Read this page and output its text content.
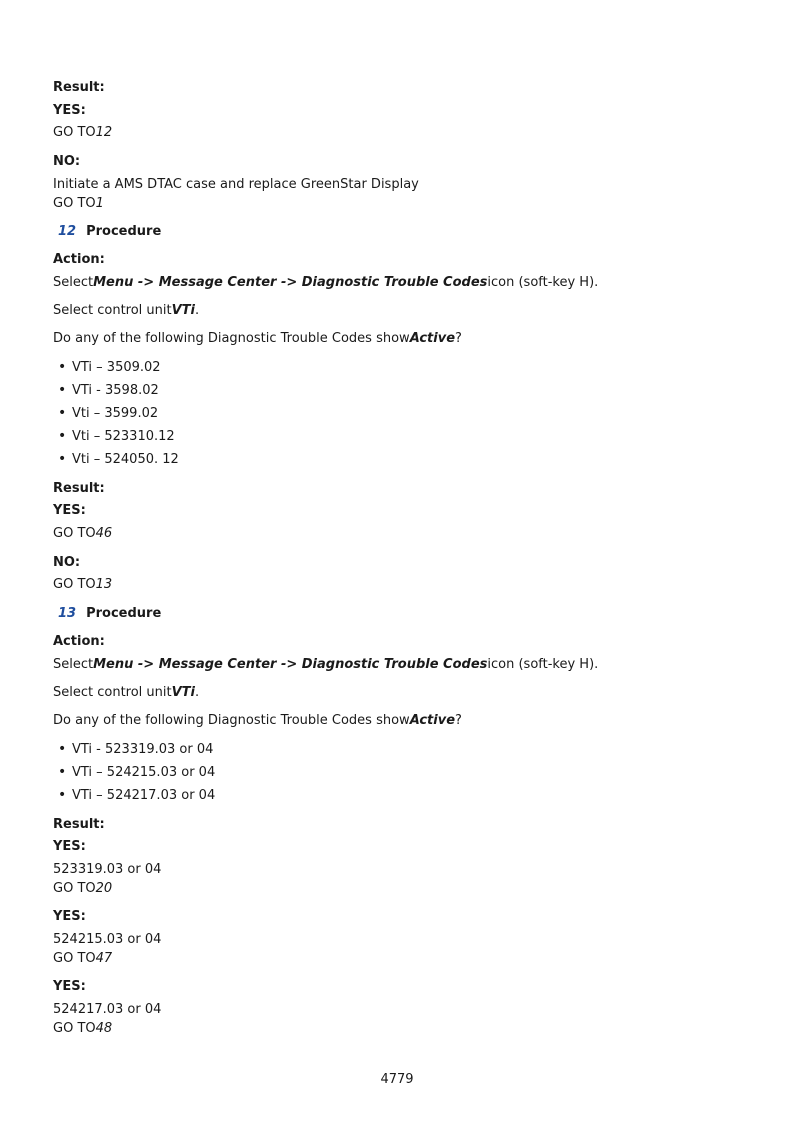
Result:
YES:
GO TO12
NO:
Initiate a AMS DTAC case and replace GreenStar Display
GO TO1
12 Procedure
Action:
SelectMenu -> Message Center -> Diagnostic Trouble Codesicon (soft-key H).
Select control unitVTi.
Do any of the following Diagnostic Trouble Codes showActive?
• VTi – 3509.02
• VTi - 3598.02
• Vti – 3599.02
• Vti – 523310.12
• Vti – 524050. 12
Result:
YES:
GO TO46
NO:
GO TO13
13 Procedure
Action:
SelectMenu -> Message Center -> Diagnostic Trouble Codesicon (soft-key H).
Select control unitVTi.
Do any of the following Diagnostic Trouble Codes showActive?
• VTi - 523319.03 or 04
• VTi – 524215.03 or 04
• VTi – 524217.03 or 04
Result:
YES:
523319.03 or 04
GO TO20
YES:
524215.03 or 04
GO TO47
YES:
524217.03 or 04
GO TO48
4779
